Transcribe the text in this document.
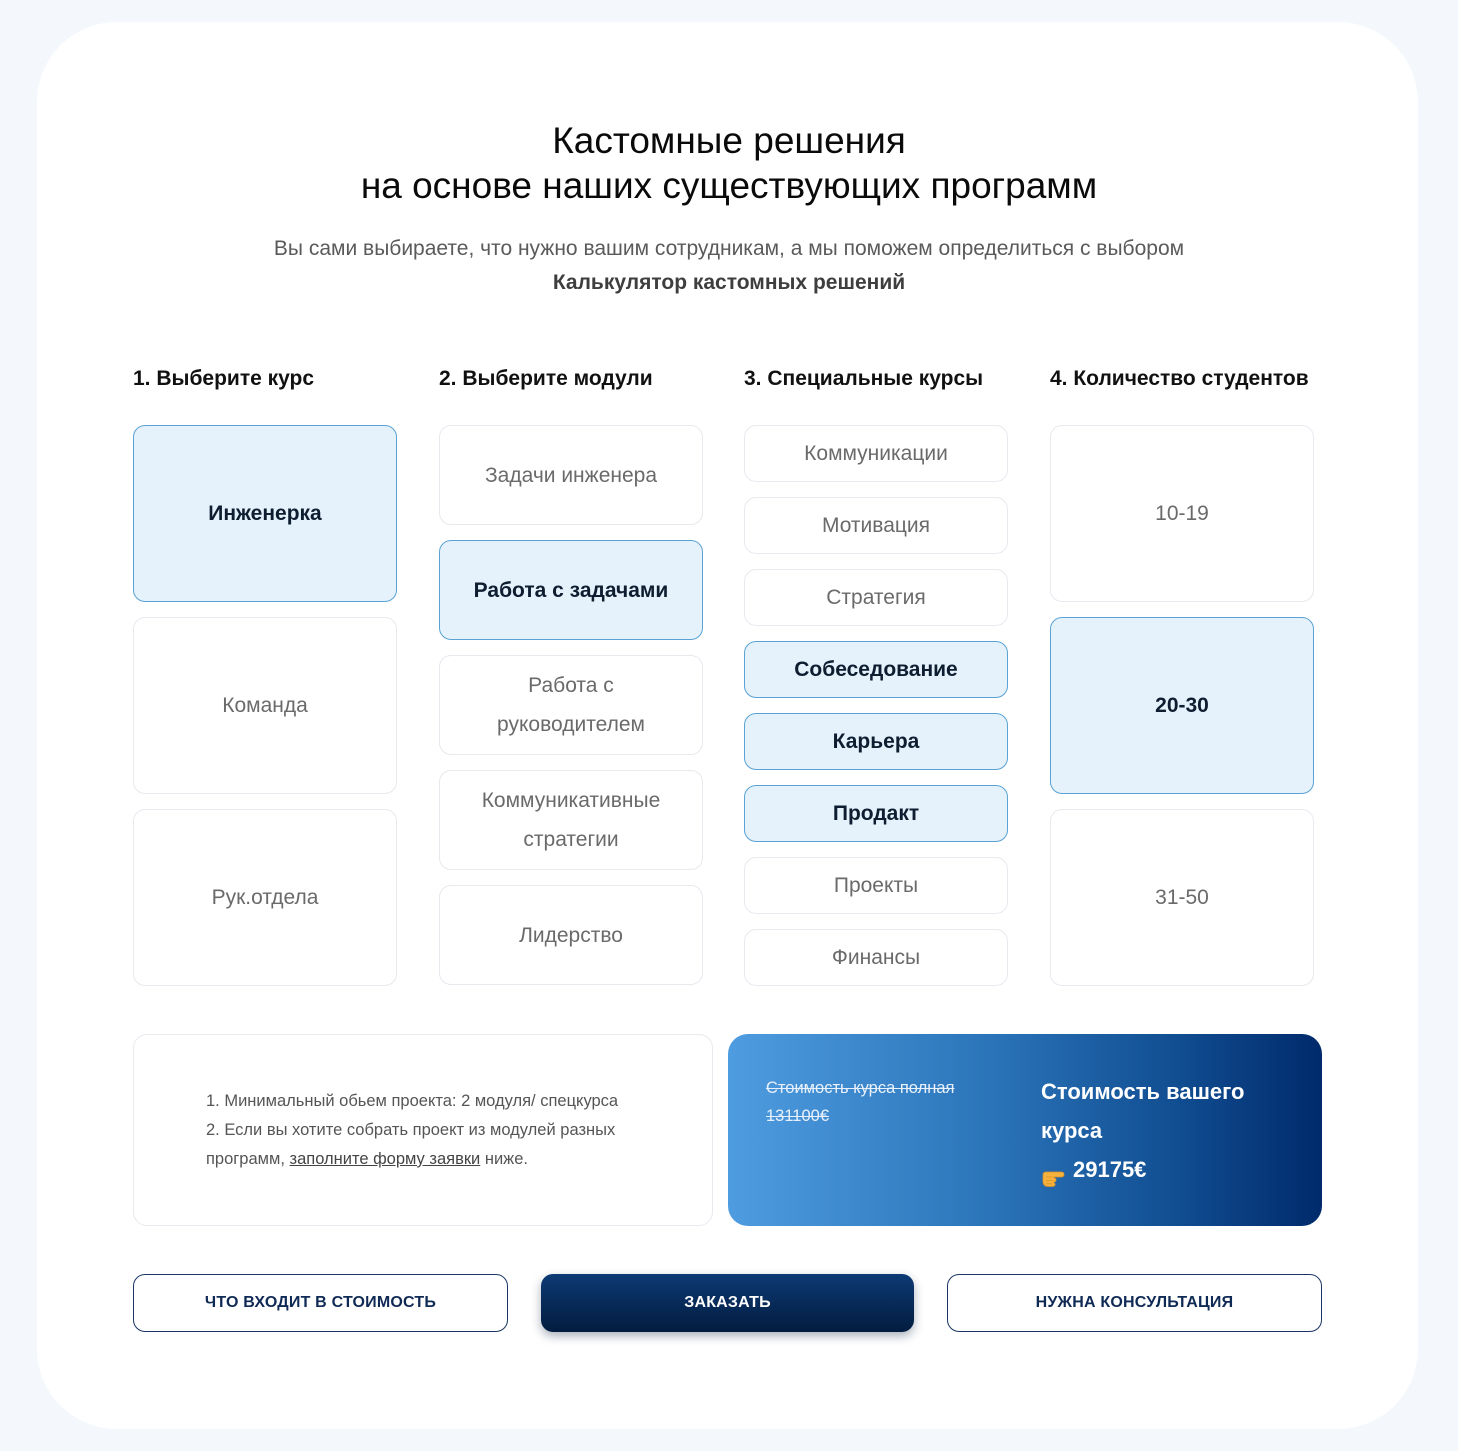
Кастомные решения
на основе наших существующих программ

Вы сами выбираете, что нужно вашим сотрудникам, а мы поможем определиться с выбором

Калькулятор кастомных решений
1. Выберите курс	2. Выберите модули	3. Специальные курсы	4. Количество студентов
Инженерка
Команда
Рук.отдела
Задачи инженера
Работа с задачами
Работа с руководителем
Коммуникативные стратегии
Лидерство
Коммуникации
Мотивация
Стратегия
Собеседование
Карьера
Продакт
Проекты
Финансы
10-19
20-30
31-50
1. Минимальный обьем проекта: 2 модуля/ спецкурса
2. Если вы хотите собрать проект из модулей разных
программ, заполните форму заявки ниже.
Стоимость курса полная
131100€
Стоимость вашего
курса

29175€
ЧТО ВХОДИТ В СТОИМОСТЬ	ЗАКАЗАТЬ	НУЖНА КОНСУЛЬТАЦИЯ
